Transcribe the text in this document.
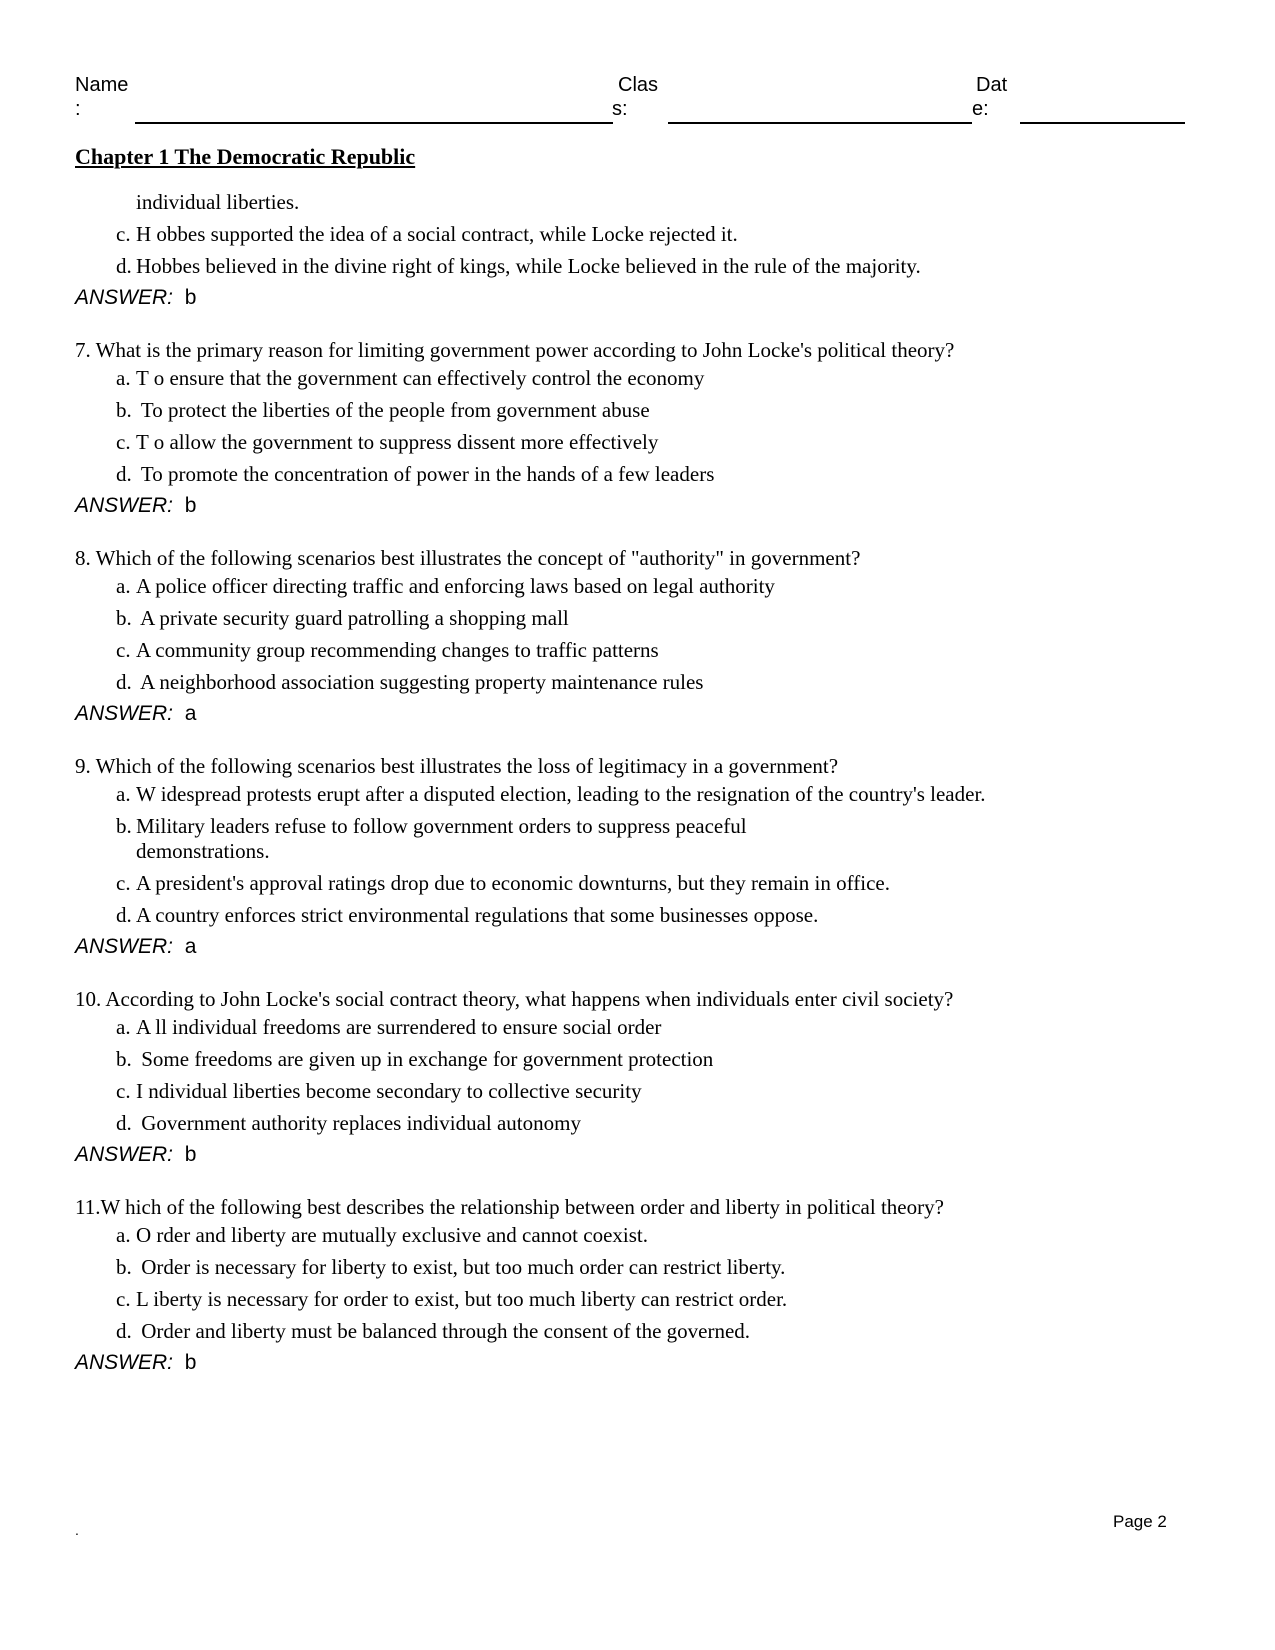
Name
:
Clas
s:
Dat
e:
Chapter 1 The Democratic Republic
individual liberties.
c. H obbes supported the idea of a social contract, while Locke rejected it.
d. Hobbes believed in the divine right of kings, while Locke believed in the rule of the majority.
ANSWER: b
7. What is the primary reason for limiting government power according to John Locke's political theory?
a. T o ensure that the government can effectively control the economy
b. To protect the liberties of the people from government abuse
c. T o allow the government to suppress dissent more effectively
d. To promote the concentration of power in the hands of a few leaders
ANSWER: b
8. Which of the following scenarios best illustrates the concept of "authority" in government?
a. A police officer directing traffic and enforcing laws based on legal authority
b. A private security guard patrolling a shopping mall
c. A community group recommending changes to traffic patterns
d. A neighborhood association suggesting property maintenance rules
ANSWER: a
9. Which of the following scenarios best illustrates the loss of legitimacy in a government?
a. W idespread protests erupt after a disputed election, leading to the resignation of the country's leader.
b. Military leaders refuse to follow government orders to suppress peaceful demonstrations.
c. A president's approval ratings drop due to economic downturns, but they remain in office.
d. A country enforces strict environmental regulations that some businesses oppose.
ANSWER: a
10. According to John Locke's social contract theory, what happens when individuals enter civil society?
a. A ll individual freedoms are surrendered to ensure social order
b. Some freedoms are given up in exchange for government protection
c. I ndividual liberties become secondary to collective security
d. Government authority replaces individual autonomy
ANSWER: b
11.W hich of the following best describes the relationship between order and liberty in political theory?
a. O rder and liberty are mutually exclusive and cannot coexist.
b. Order is necessary for liberty to exist, but too much order can restrict liberty.
c. L iberty is necessary for order to exist, but too much liberty can restrict order.
d. Order and liberty must be balanced through the consent of the governed.
ANSWER: b
.	Page 2
